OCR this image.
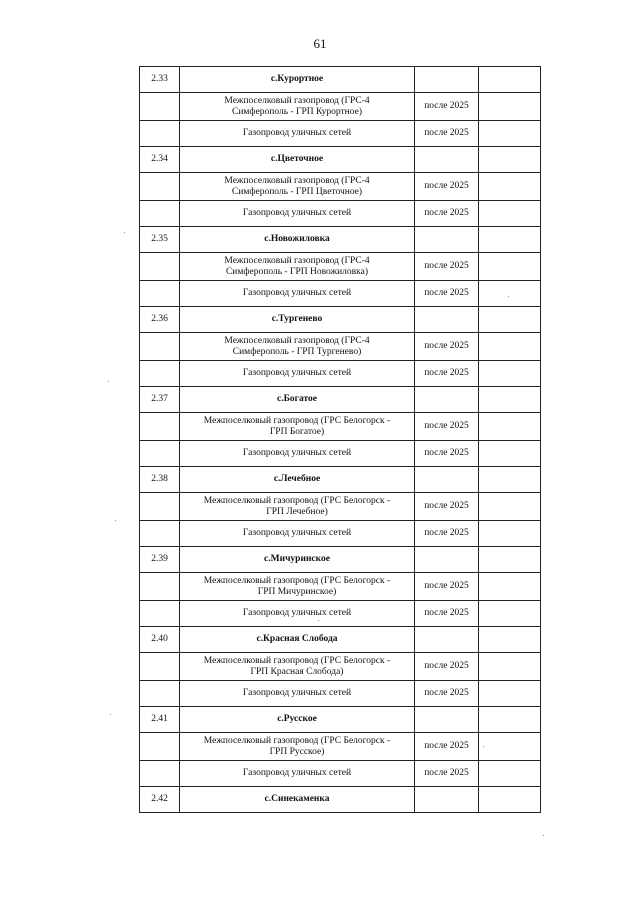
61
2.33	с.Курортное		

	Межпоселковый газопровод (ГРС-4
Симферополь - ГРП Курортное)	после 2025	
	Газопровод уличных сетей	после 2025	
2.34	с.Цветочное		

	Межпоселковый газопровод (ГРС-4
Симферополь - ГРП Цветочное)	после 2025	
	Газопровод уличных сетей	после 2025	
2.35	с.Новожиловка		

	Межпоселковый газопровод (ГРС-4
Симферополь - ГРП Новожиловка)	после 2025	
	Газопровод уличных сетей	после 2025	
2.36	с.Тургенево		

	Межпоселковый газопровод (ГРС-4
Симферополь - ГРП Тургенево)	после 2025	
	Газопровод уличных сетей	после 2025	
2.37	с.Богатое		

	Межпоселковый газопровод (ГРС Белогорск -
ГРП Богатое)	после 2025	
	Газопровод уличных сетей	после 2025	
2.38	с.Лечебное		

	Межпоселковый газопровод (ГРС Белогорск -
ГРП Лечебное)	после 2025	
	Газопровод уличных сетей	после 2025	
2.39	с.Мичуринское		

	Межпоселковый газопровод (ГРС Белогорск -
ГРП Мичуринское)	после 2025	
	Газопровод уличных сетей	после 2025	
2.40	с.Красная Слобода		

	Межпоселковый газопровод (ГРС Белогорск -
ГРП Красная Слобода)	после 2025	
	Газопровод уличных сетей	после 2025	
2.41	с.Русское		

	Межпоселковый газопровод (ГРС Белогорск -
ГРП Русское)	после 2025	
	Газопровод уличных сетей	после 2025	
2.42	с.Синекаменка		
